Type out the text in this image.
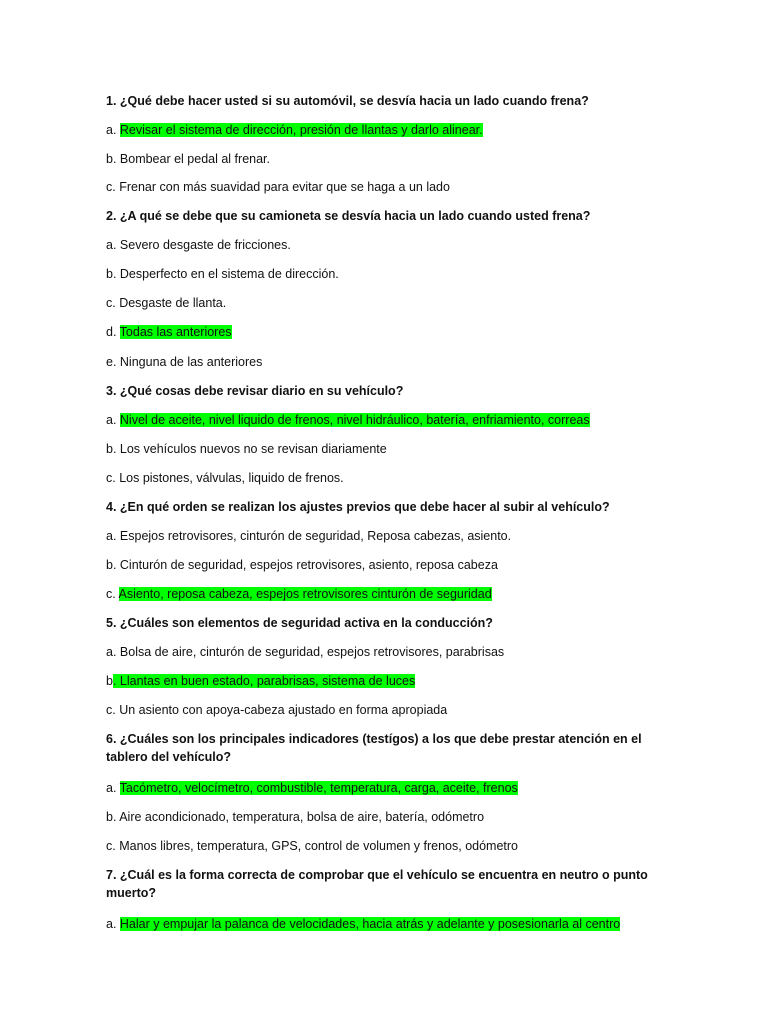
1. ¿Qué debe hacer usted si su automóvil, se desvía hacia un lado cuando frena?
a. Revisar el sistema de dirección, presión de llantas y darlo alinear.
b. Bombear el pedal al frenar.
c. Frenar con más suavidad para evitar que se haga a un lado
2. ¿A qué se debe que su camioneta se desvía hacia un lado cuando usted frena?
a. Severo desgaste de fricciones.
b. Desperfecto en el sistema de dirección.
c. Desgaste de llanta.
d. Todas las anteriores
e. Ninguna de las anteriores
3. ¿Qué cosas debe revisar diario en su vehículo?
a. Nivel de aceite, nivel liquido de frenos, nivel hidráulico, batería, enfriamiento, correas
b. Los vehículos nuevos no se revisan diariamente
c. Los pistones, válvulas, liquido de frenos.
4. ¿En qué orden se realizan los ajustes previos que debe hacer al subir al vehículo?
a. Espejos retrovisores, cinturón de seguridad, Reposa cabezas, asiento.
b. Cinturón de seguridad, espejos retrovisores, asiento, reposa cabeza
c. Asiento, reposa cabeza, espejos retrovisores cinturón de seguridad
5. ¿Cuáles son elementos de seguridad activa en la conducción?
a. Bolsa de aire, cinturón de seguridad, espejos retrovisores, parabrisas
b. Llantas en buen estado, parabrisas, sistema de luces
c. Un asiento con apoya-cabeza ajustado en forma apropiada
6. ¿Cuáles son los principales indicadores (testígos) a los que debe prestar atención en el tablero del vehículo?
a. Tacómetro, velocímetro, combustible, temperatura, carga, aceite, frenos
b. Aire acondicionado, temperatura, bolsa de aire, batería, odómetro
c. Manos libres, temperatura, GPS, control de volumen y frenos, odómetro
7. ¿Cuál es la forma correcta de comprobar que el vehículo se encuentra en neutro o punto muerto?
a. Halar y empujar la palanca de velocidades, hacia atrás y adelante y posesionarla al centro
